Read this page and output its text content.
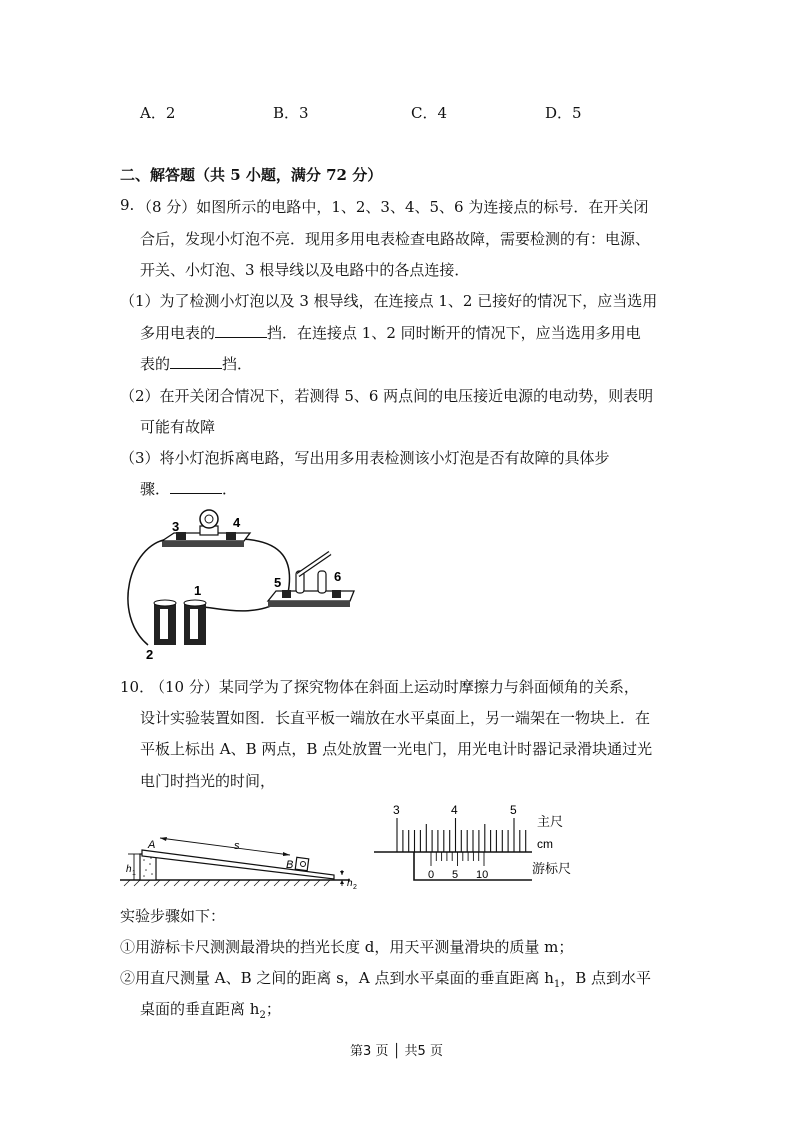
A．2	B．3	C．4	D．5
二、解答题（共 5 小题，满分 72 分）
9. （8 分）如图所示的电路中，1、2、3、4、5、6 为连接点的标号．在开关闭
合后，发现小灯泡不亮．现用多用电表检查电路故障，需要检测的有：电源、
开关、小灯泡、3 根导线以及电路中的各点连接．
（1）为了检测小灯泡以及 3 根导线，在连接点 1、2 已接好的情况下，应当选用
多用电表的	挡．在连接点 1、2 同时断开的情况下，应当选用多用电
表的	挡．
（2）在开关闭合情况下，若测得 5、6 两点间的电压接近电源的电动势，则表明
可能有故障
（3）将小灯泡拆离电路，写出用多用表检测该小灯泡是否有故障的具体步
骤．	．
3	4
5	6
1
2
10．
（10 分）某同学为了探究物体在斜面上运动时摩擦力与斜面倾角的关系，
设计实验装置如图．长直平板一端放在水平桌面上，另一端架在一物块上．在
平板上标出 A、B 两点，B 点处放置一光电门，用光电计时器记录滑块通过光
电门时挡光的时间，
A	s
B
h 1
h 2
3	4	5
0 5 10
主尺
cm
游标尺
实验步骤如下：
①用游标卡尺测测最滑块的挡光长度 d，用天平测量滑块的质量 m；
②用直尺测量 A、B 之间的距离 s，A 点到水平桌面的垂直距离 $h_1$，B 点到水平
桌面的垂直距离 $h_2$；
第3 页 │ 共5 页
